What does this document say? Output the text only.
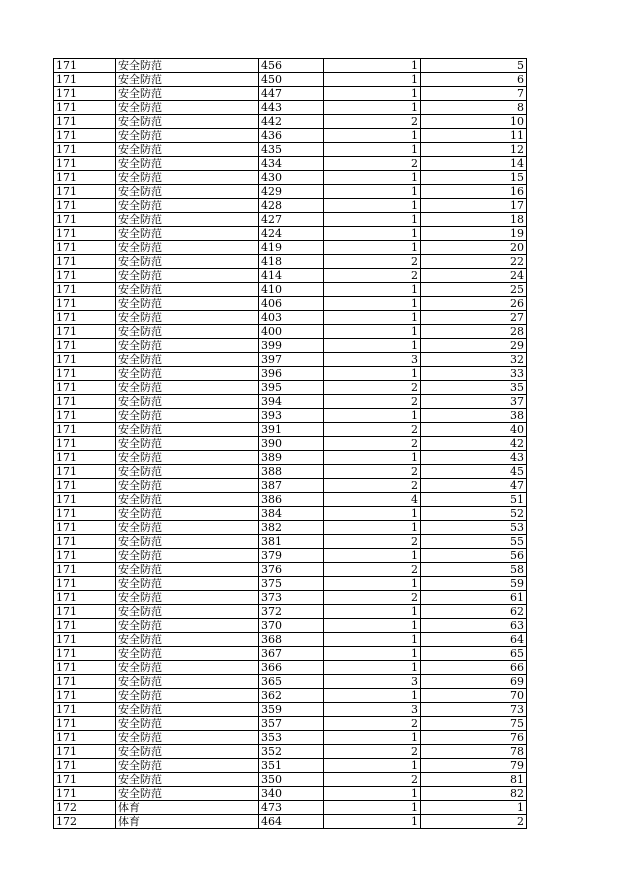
171	安全防范	456	1	5
171	安全防范	450	1	6
171	安全防范	447	1	7
171	安全防范	443	1	8
171	安全防范	442	2	10
171	安全防范	436	1	11
171	安全防范	435	1	12
171	安全防范	434	2	14
171	安全防范	430	1	15
171	安全防范	429	1	16
171	安全防范	428	1	17
171	安全防范	427	1	18
171	安全防范	424	1	19
171	安全防范	419	1	20
171	安全防范	418	2	22
171	安全防范	414	2	24
171	安全防范	410	1	25
171	安全防范	406	1	26
171	安全防范	403	1	27
171	安全防范	400	1	28
171	安全防范	399	1	29
171	安全防范	397	3	32
171	安全防范	396	1	33
171	安全防范	395	2	35
171	安全防范	394	2	37
171	安全防范	393	1	38
171	安全防范	391	2	40
171	安全防范	390	2	42
171	安全防范	389	1	43
171	安全防范	388	2	45
171	安全防范	387	2	47
171	安全防范	386	4	51
171	安全防范	384	1	52
171	安全防范	382	1	53
171	安全防范	381	2	55
171	安全防范	379	1	56
171	安全防范	376	2	58
171	安全防范	375	1	59
171	安全防范	373	2	61
171	安全防范	372	1	62
171	安全防范	370	1	63
171	安全防范	368	1	64
171	安全防范	367	1	65
171	安全防范	366	1	66
171	安全防范	365	3	69
171	安全防范	362	1	70
171	安全防范	359	3	73
171	安全防范	357	2	75
171	安全防范	353	1	76
171	安全防范	352	2	78
171	安全防范	351	1	79
171	安全防范	350	2	81
171	安全防范	340	1	82
172	体育	473	1	1
172	体育	464	1	2
